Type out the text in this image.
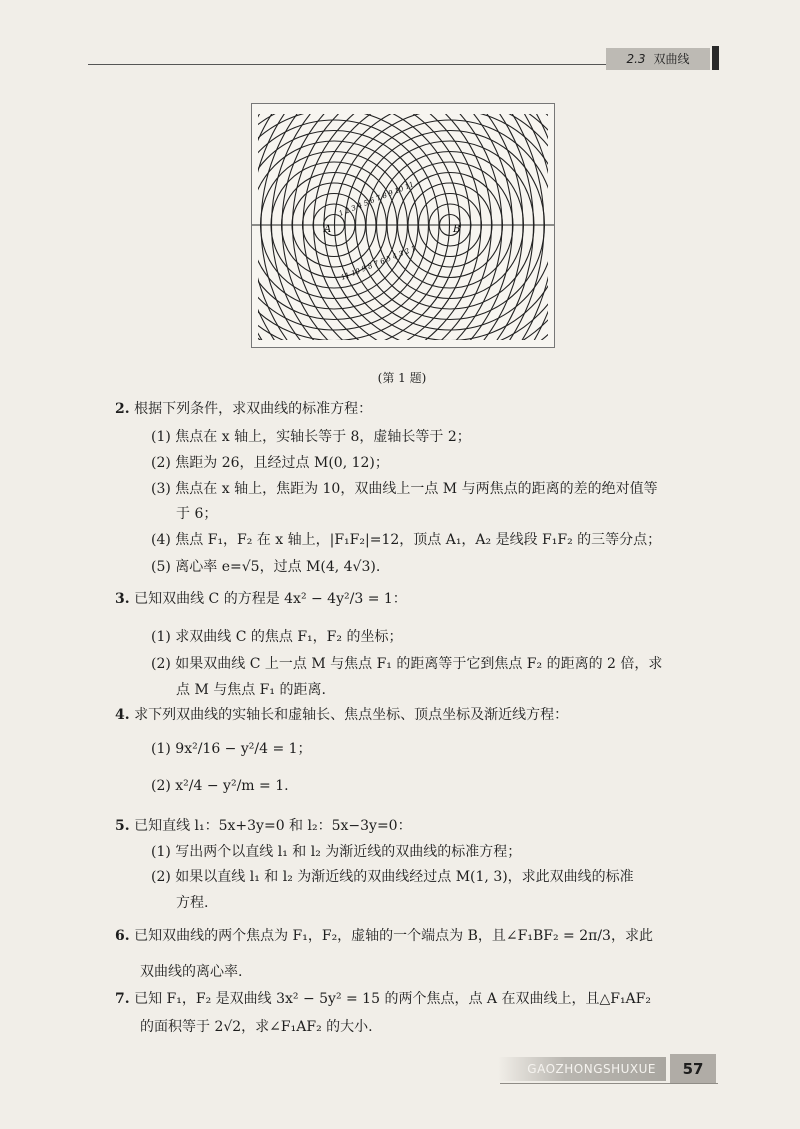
2.3 双曲线
A	B
1 2 3 4 5 6 7 8 9 10 11
11 10 9 8 7 6 5 4 3 2 1
(第 1 题)
2. 根据下列条件，求双曲线的标准方程：
(1) 焦点在 x 轴上，实轴长等于 8，虚轴长等于 2；
(2) 焦距为 26，且经过点 M(0, 12)；
(3) 焦点在 x 轴上，焦距为 10，双曲线上一点 M 与两焦点的距离的差的绝对值等
于 6；
(4) 焦点 F₁，F₂ 在 x 轴上，|F₁F₂|=12，顶点 A₁，A₂ 是线段 F₁F₂ 的三等分点；
(5) 离心率 e=√5，过点 M(4, 4√3).
3. 已知双曲线 C 的方程是 4x² − 4y²/3 = 1：
(1) 求双曲线 C 的焦点 F₁，F₂ 的坐标；
(2) 如果双曲线 C 上一点 M 与焦点 F₁ 的距离等于它到焦点 F₂ 的距离的 2 倍，求
点 M 与焦点 F₁ 的距离.
4. 求下列双曲线的实轴长和虚轴长、焦点坐标、顶点坐标及渐近线方程：
(1) 9x²/16 − y²/4 = 1；
(2) x²/4 − y²/m = 1.
5. 已知直线 l₁：5x+3y=0 和 l₂：5x−3y=0：
(1) 写出两个以直线 l₁ 和 l₂ 为渐近线的双曲线的标准方程；
(2) 如果以直线 l₁ 和 l₂ 为渐近线的双曲线经过点 M(1, 3)，求此双曲线的标准
方程.
6. 已知双曲线的两个焦点为 F₁，F₂，虚轴的一个端点为 B，且∠F₁BF₂ = 2π/3，求此
双曲线的离心率.
7. 已知 F₁，F₂ 是双曲线 3x² − 5y² = 15 的两个焦点，点 A 在双曲线上，且△F₁AF₂
的面积等于 2√2，求∠F₁AF₂ 的大小.
GAOZHONGSHUXUE	57
